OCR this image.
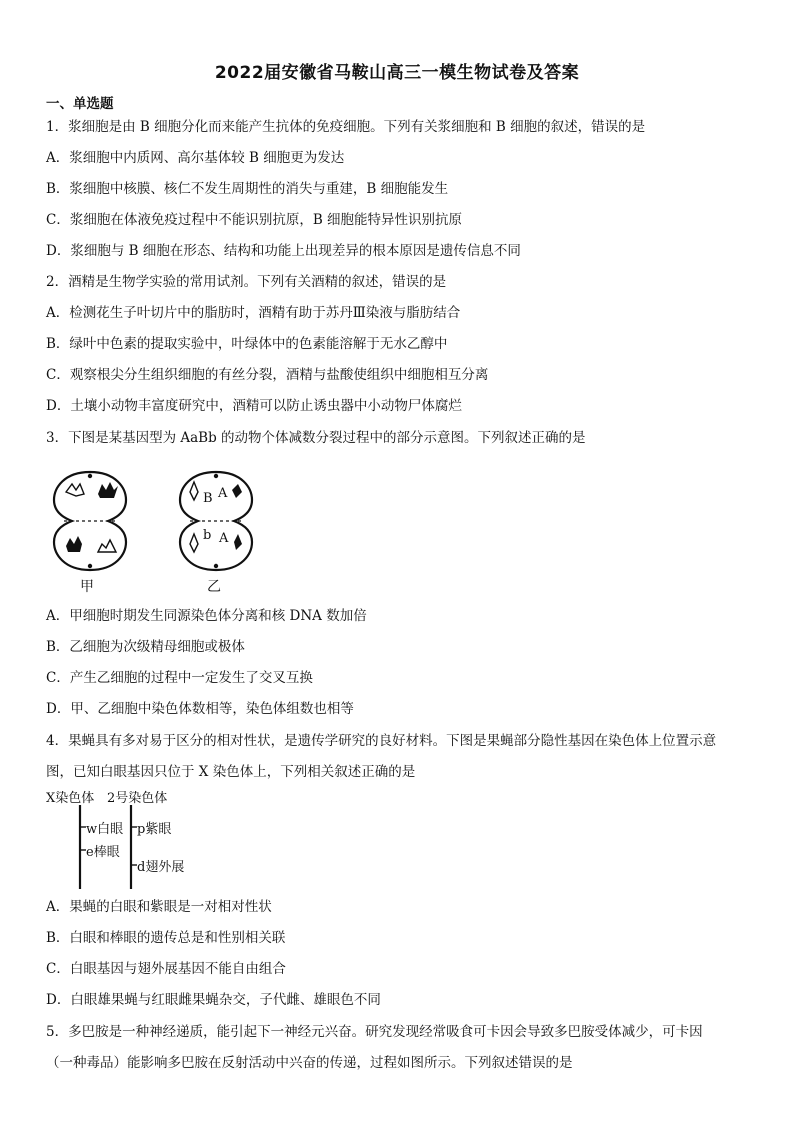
2022届安徽省马鞍山高三一模生物试卷及答案
一、单选题
1．浆细胞是由 B 细胞分化而来能产生抗体的免疫细胞。下列有关浆细胞和 B 细胞的叙述，错误的是
A．浆细胞中内质网、高尔基体较 B 细胞更为发达
B．浆细胞中核膜、核仁不发生周期性的消失与重建，B 细胞能发生
C．浆细胞在体液免疫过程中不能识别抗原，B 细胞能特异性识别抗原
D．浆细胞与 B 细胞在形态、结构和功能上出现差异的根本原因是遗传信息不同
2．酒精是生物学实验的常用试剂。下列有关酒精的叙述，错误的是
A．检测花生子叶切片中的脂肪时，酒精有助于苏丹Ⅲ染液与脂肪结合
B．绿叶中色素的提取实验中，叶绿体中的色素能溶解于无水乙醇中
C．观察根尖分生组织细胞的有丝分裂，酒精与盐酸使组织中细胞相互分离
D．土壤小动物丰富度研究中，酒精可以防止诱虫器中小动物尸体腐烂
3．下图是某基因型为 AaBb 的动物个体减数分裂过程中的部分示意图。下列叙述正确的是
甲
B A
b A
乙
A．甲细胞时期发生同源染色体分离和核 DNA 数加倍
B．乙细胞为次级精母细胞或极体
C．产生乙细胞的过程中一定发生了交叉互换
D．甲、乙细胞中染色体数相等，染色体组数也相等
4．果蝇具有多对易于区分的相对性状，是遗传学研究的良好材料。下图是果蝇部分隐性基因在染色体上位置示意
图，已知白眼基因只位于 X 染色体上，下列相关叙述正确的是
X染色体 2号染色体
w白眼
e棒眼
p紫眼
d翅外展
A．果蝇的白眼和紫眼是一对相对性状
B．白眼和棒眼的遗传总是和性别相关联
C．白眼基因与翅外展基因不能自由组合
D．白眼雄果蝇与红眼雌果蝇杂交，子代雌、雄眼色不同
5．多巴胺是一种神经递质，能引起下一神经元兴奋。研究发现经常吸食可卡因会导致多巴胺受体减少，可卡因
（一种毒品）能影响多巴胺在反射活动中兴奋的传递，过程如图所示。下列叙述错误的是
